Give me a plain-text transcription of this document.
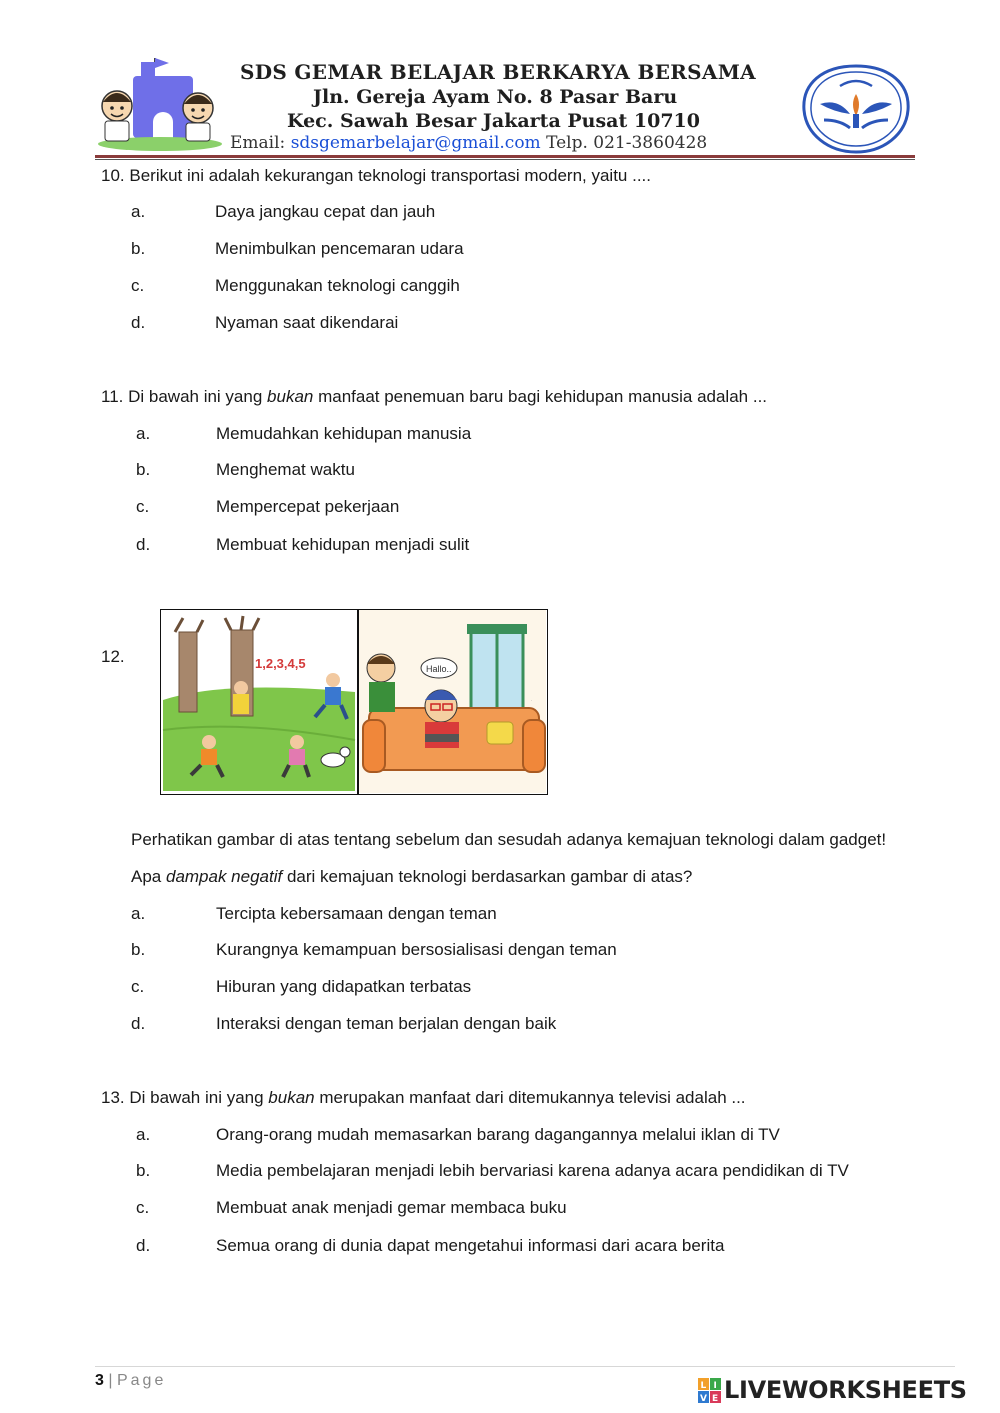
SDS GEMAR BELAJAR BERKARYA BERSAMA
Jln. Gereja Ayam No. 8 Pasar Baru
Kec. Sawah Besar Jakarta Pusat 10710
Email: sdsgemarbelajar@gmail.com Telp. 021-3860428
10. Berikut ini adalah kekurangan teknologi transportasi modern, yaitu ....
a.	Daya jangkau cepat dan jauh
b.	Menimbulkan pencemaran udara
c.	Menggunakan teknologi canggih
d.	Nyaman saat dikendarai
11. Di bawah ini yang bukan manfaat penemuan baru bagi kehidupan manusia adalah ...
a.	Memudahkan kehidupan manusia
b.	Menghemat waktu
c.	Mempercepat pekerjaan
d.	Membuat kehidupan menjadi sulit
12.	1,2,3,4,5	Hallo..
.
Perhatikan gambar di atas tentang sebelum dan sesudah adanya kemajuan teknologi dalam gadget!
Apa dampak negatif dari kemajuan teknologi berdasarkan gambar di atas?
a.	Tercipta kebersamaan dengan teman
b.	Kurangnya kemampuan bersosialisasi dengan teman
c.	Hiburan yang didapatkan terbatas
d.	Interaksi dengan teman berjalan dengan baik
13. Di bawah ini yang bukan merupakan manfaat dari ditemukannya televisi adalah ...
a.	Orang-orang mudah memasarkan barang dagangannya melalui iklan di TV
b.	Media pembelajaran menjadi lebih bervariasi karena adanya acara pendidikan di TV
c.	Membuat anak menjadi gemar membaca buku
d.	Semua orang di dunia dapat mengetahui informasi dari acara berita
3 | Page	L I
V E LIVEWORKSHEETS
